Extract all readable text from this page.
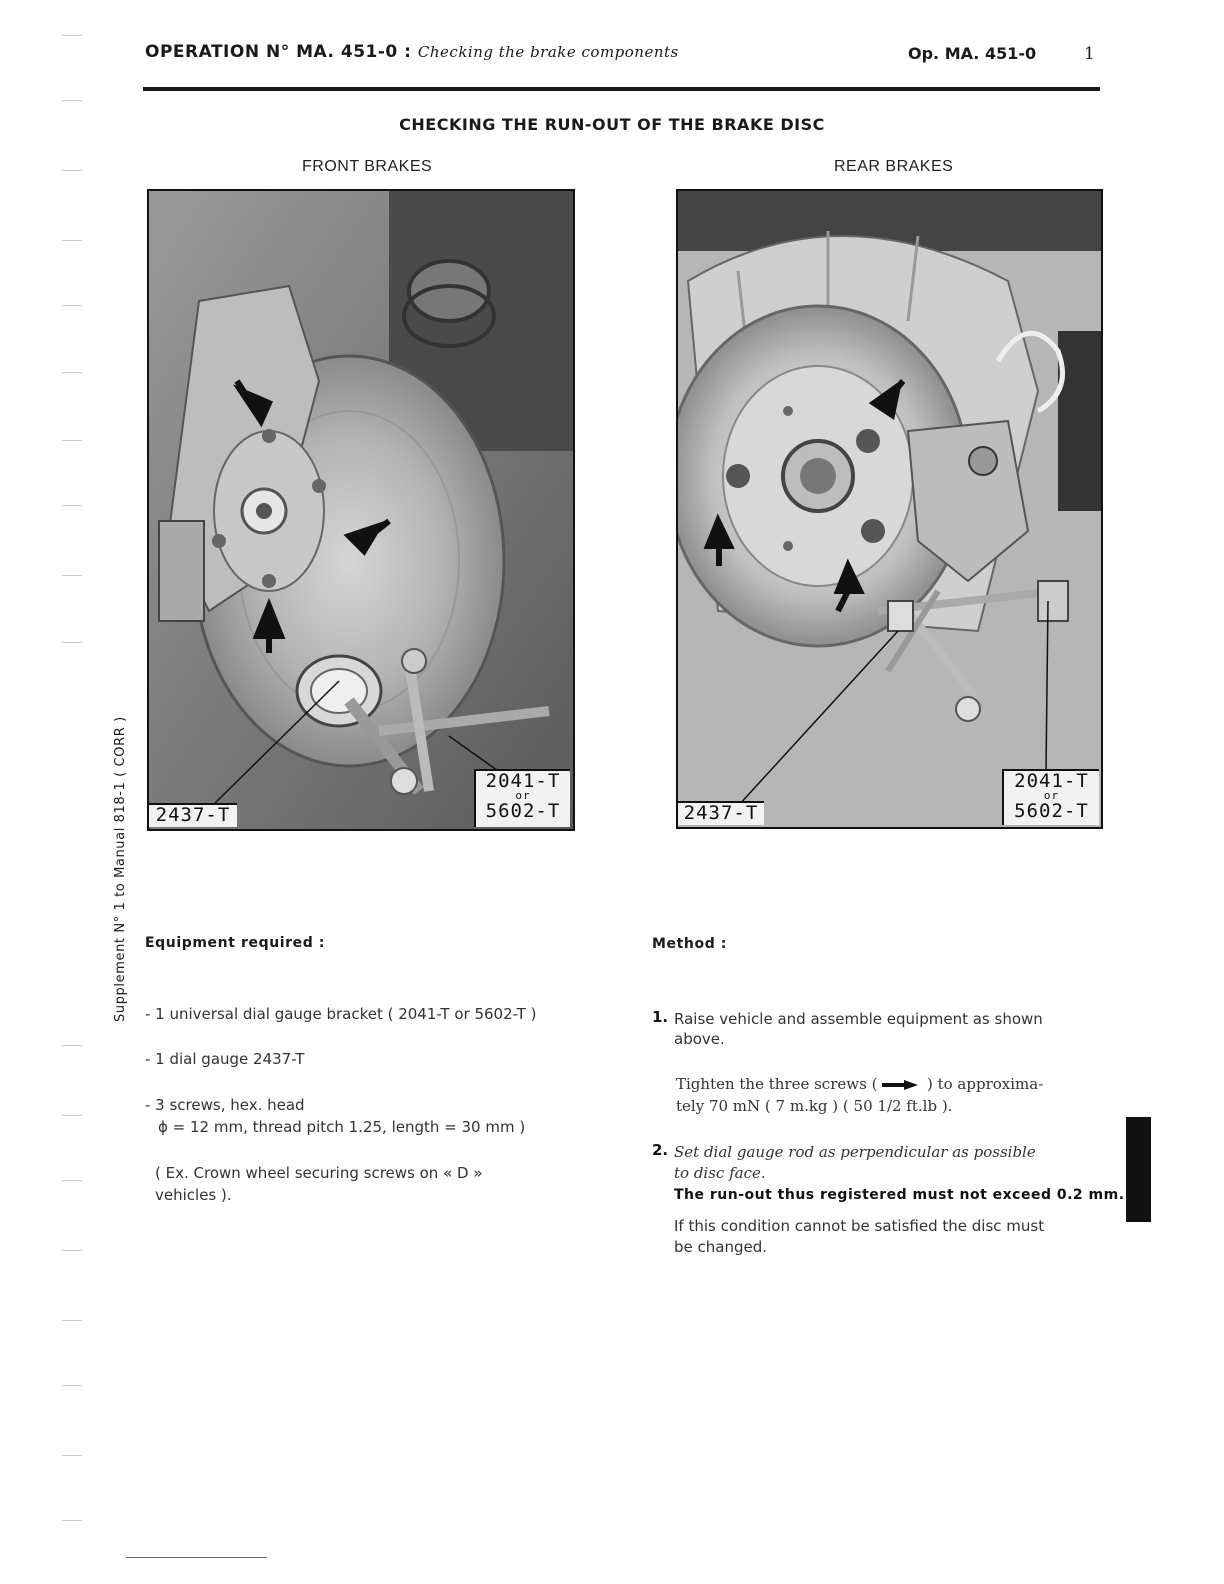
OPERATION N° MA. 451-0 : Checking the brake components	Op. MA. 451-0	1
CHECKING THE RUN-OUT OF THE BRAKE DISC
FRONT BRAKES	REAR BRAKES
2437-T
2041-T
or
5602-T	2437-T
2041-T
or
5602-T
Supplement N° 1 to Manual 818-1 ( CORR ) Equipment required :
- 1 universal dial gauge bracket ( 2041-T or 5602-T )
- 1 dial gauge 2437-T
- 3 screws, hex. head
ϕ = 12 mm, thread pitch 1.25, length = 30 mm )
( Ex. Crown wheel securing screws on « D »
vehicles ).
Method :
1. Raise vehicle and assemble equipment as shown
above.
Tighten the three screws (	) to approxima-
tely 70 mN ( 7 m.kg ) ( 50 1/2 ft.lb ).
2. Set dial gauge rod as perpendicular as possible
to disc face.
The run-out thus registered must not exceed 0.2 mm.
If this condition cannot be satisfied the disc must
be changed.
